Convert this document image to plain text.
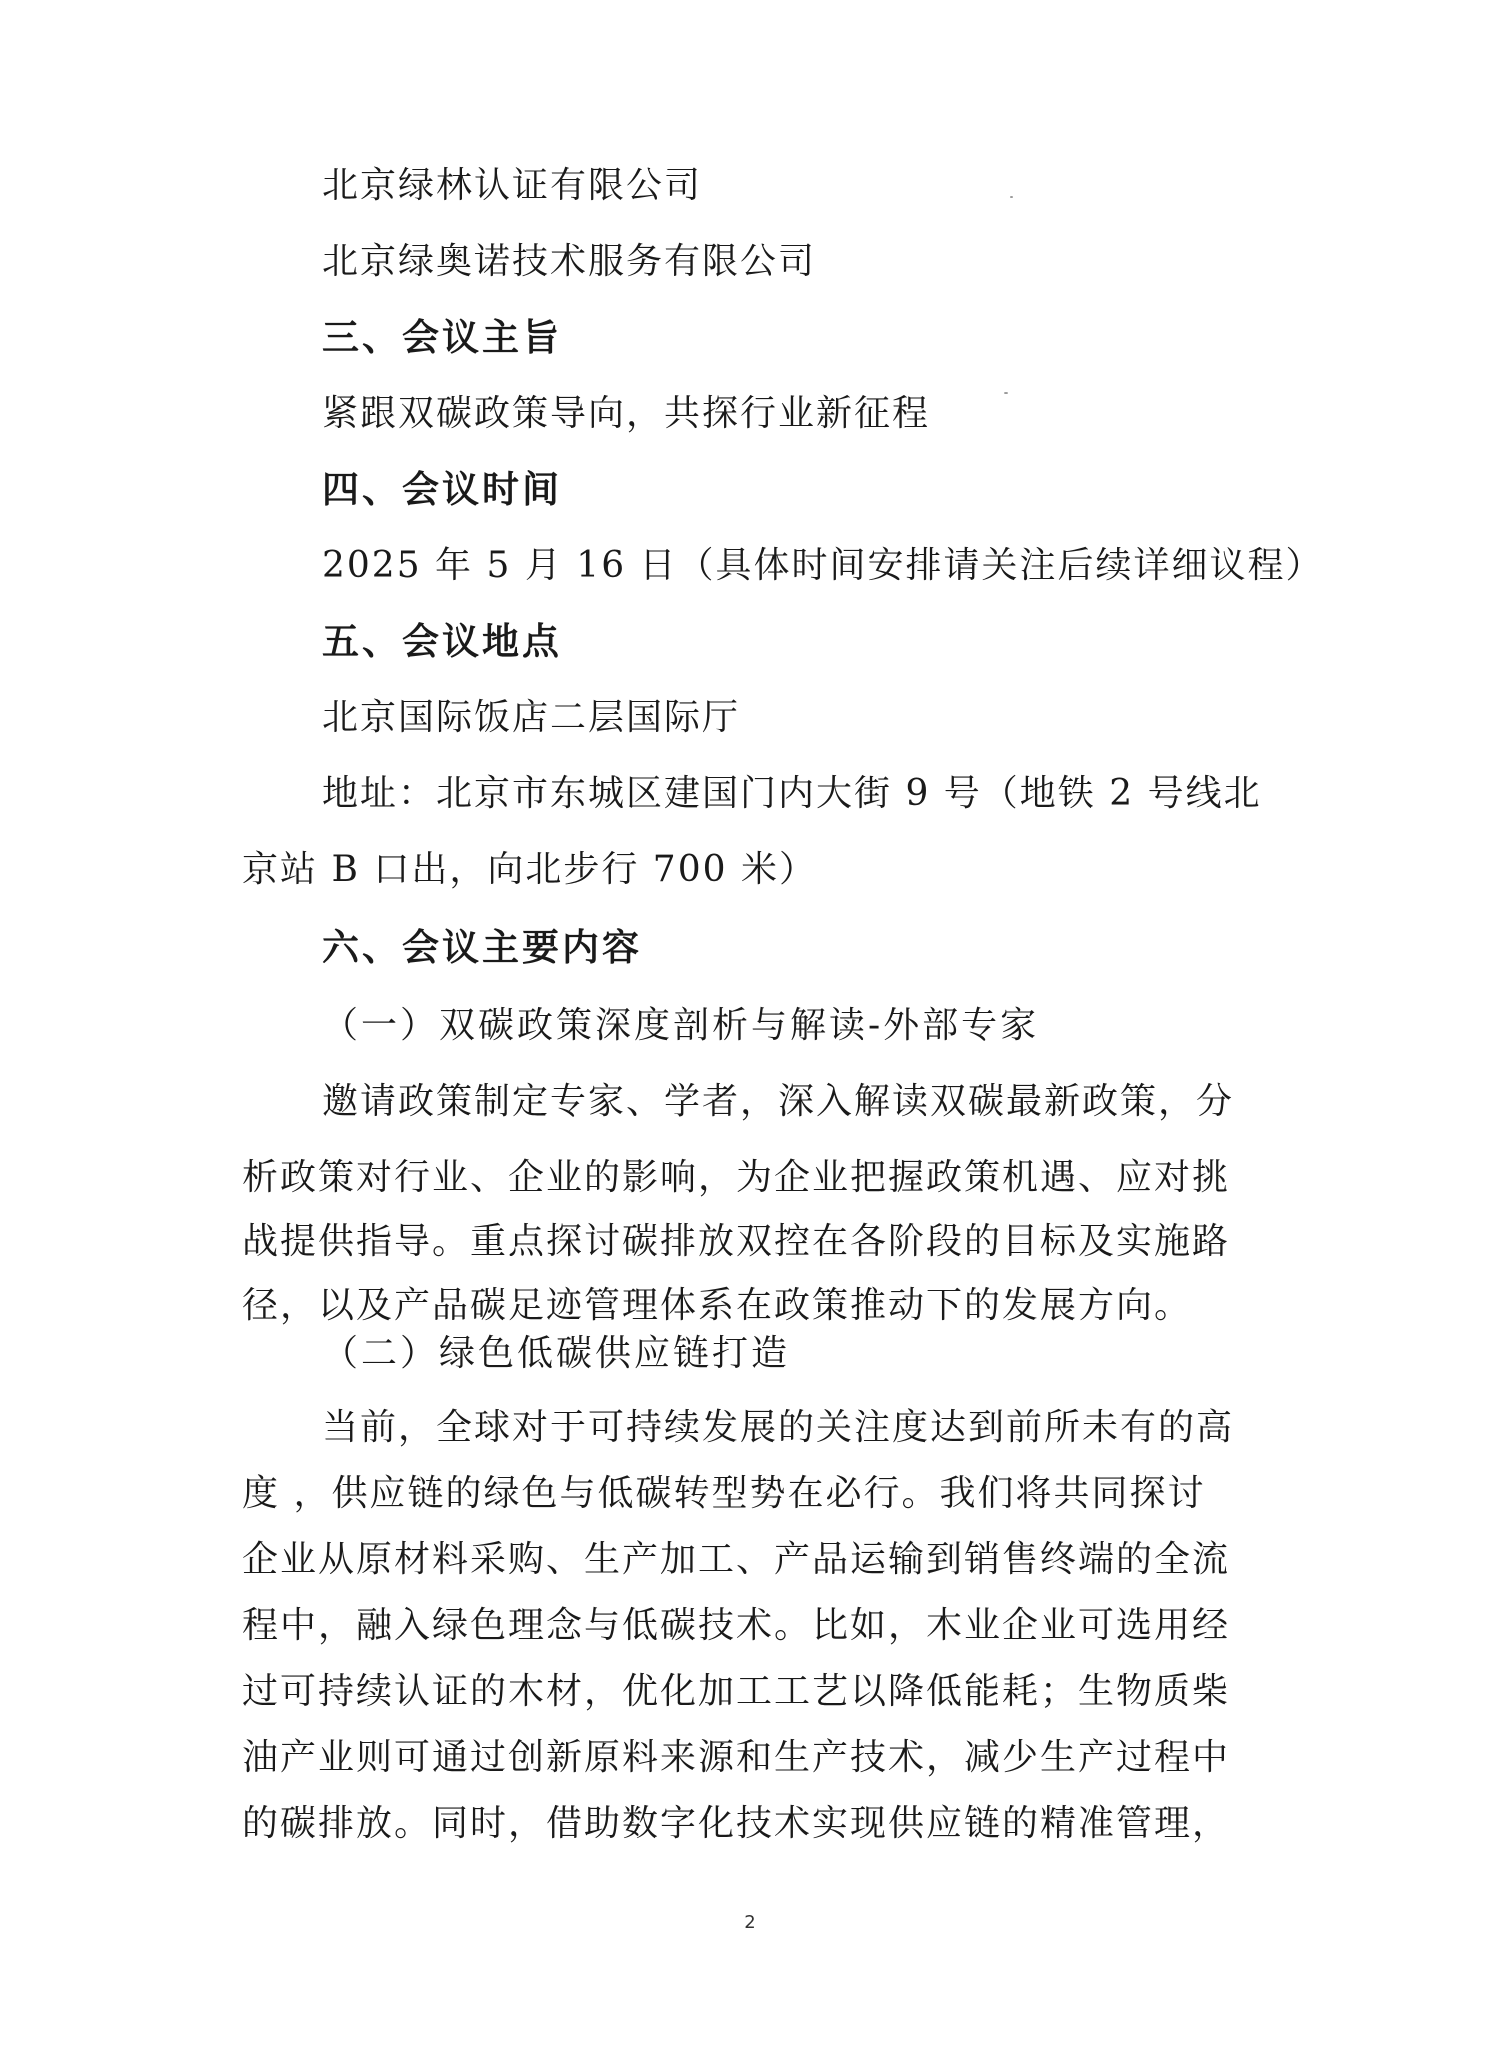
北京绿林认证有限公司
北京绿奥诺技术服务有限公司
三、会议主旨
紧跟双碳政策导向，共探行业新征程
四、会议时间
2025 年 5 月 16 日（具体时间安排请关注后续详细议程）
五、会议地点
北京国际饭店二层国际厅
地址：北京市东城区建国门内大街 9 号（地铁 2 号线北
京站 B 口出，向北步行 700 米）
六、会议主要内容
（一）双碳政策深度剖析与解读-外部专家
邀请政策制定专家、学者，深入解读双碳最新政策，分
析政策对行业、企业的影响，为企业把握政策机遇、应对挑
战提供指导。重点探讨碳排放双控在各阶段的目标及实施路
径，以及产品碳足迹管理体系在政策推动下的发展方向。
（二）绿色低碳供应链打造
当前，全球对于可持续发展的关注度达到前所未有的高
度 ，供应链的绿色与低碳转型势在必行。我们将共同探讨
企业从原材料采购、生产加工、产品运输到销售终端的全流
程中，融入绿色理念与低碳技术。比如，木业企业可选用经
过可持续认证的木材，优化加工工艺以降低能耗；生物质柴
油产业则可通过创新原料来源和生产技术，减少生产过程中
的碳排放。同时，借助数字化技术实现供应链的精准管理，
2
